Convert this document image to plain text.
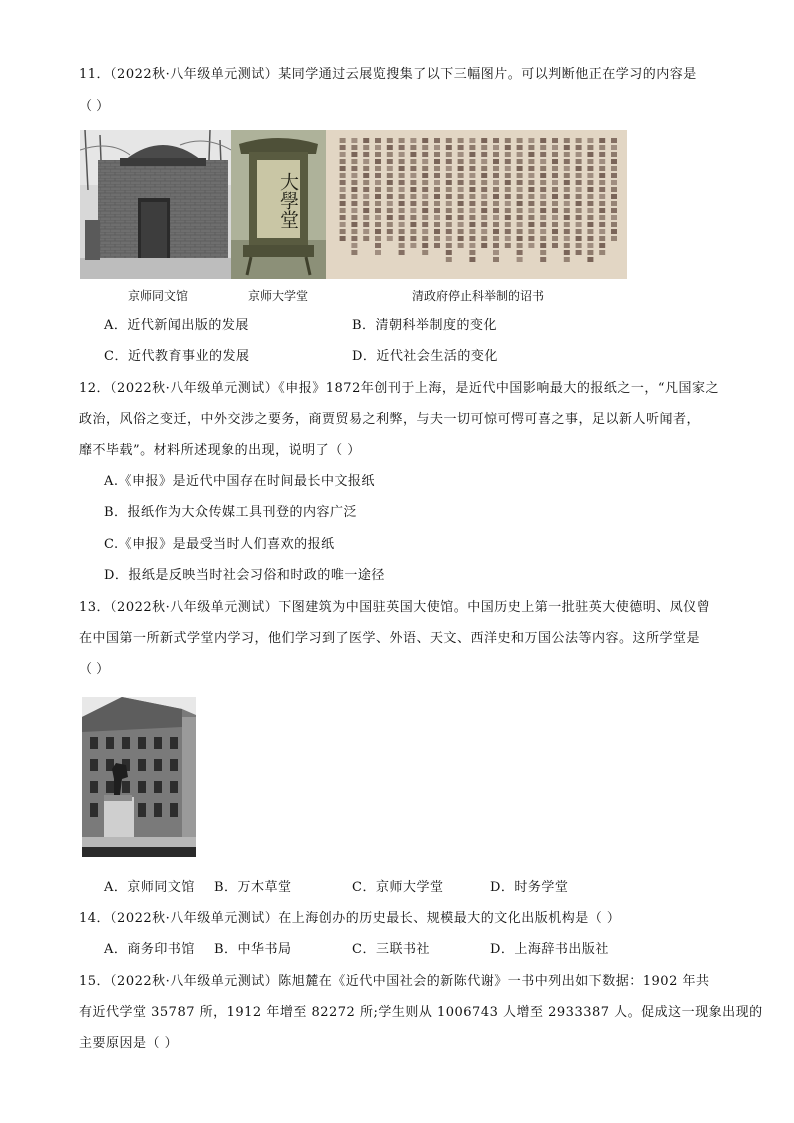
11．（2022秋·八年级单元测试）某同学通过云展览搜集了以下三幅图片。可以判断他正在学习的内容是
（ ）
大學堂
京师同文馆	京师大学堂	清政府停止科举制的诏书
A．近代新闻出版的发展	B．清朝科举制度的变化
C．近代教育事业的发展	D．近代社会生活的变化
12．（2022秋·八年级单元测试）《申报》1872年创刊于上海，是近代中国影响最大的报纸之一，“凡国家之
政治，风俗之变迁，中外交涉之要务，商贾贸易之利弊，与夫一切可惊可愕可喜之事，足以新人听闻者，
靡不毕载”。材料所述现象的出现，说明了（ ）
A.《申报》是近代中国存在时间最长中文报纸
B．报纸作为大众传媒工具刊登的内容广泛
C.《申报》是最受当时人们喜欢的报纸
D．报纸是反映当时社会习俗和时政的唯一途径
13．（2022秋·八年级单元测试）下图建筑为中国驻英国大使馆。中国历史上第一批驻英大使德明、凤仪曾
在中国第一所新式学堂内学习，他们学习到了医学、外语、天文、西洋史和万国公法等内容。这所学堂是
（ ）
A．京师同文馆 B．万木草堂	C．京师大学堂	D．时务学堂
14．（2022秋·八年级单元测试）在上海创办的历史最长、规模最大的文化出版机构是（ ）
A．商务印书馆 B．中华书局	C．三联书社	D．上海辞书出版社
15．（2022秋·八年级单元测试）陈旭麓在《近代中国社会的新陈代谢》一书中列出如下数据：1902 年共
有近代学堂 35787 所，1912 年增至 82272 所;学生则从 1006743 人增至 2933387 人。促成这一现象出现的
主要原因是（ ）
